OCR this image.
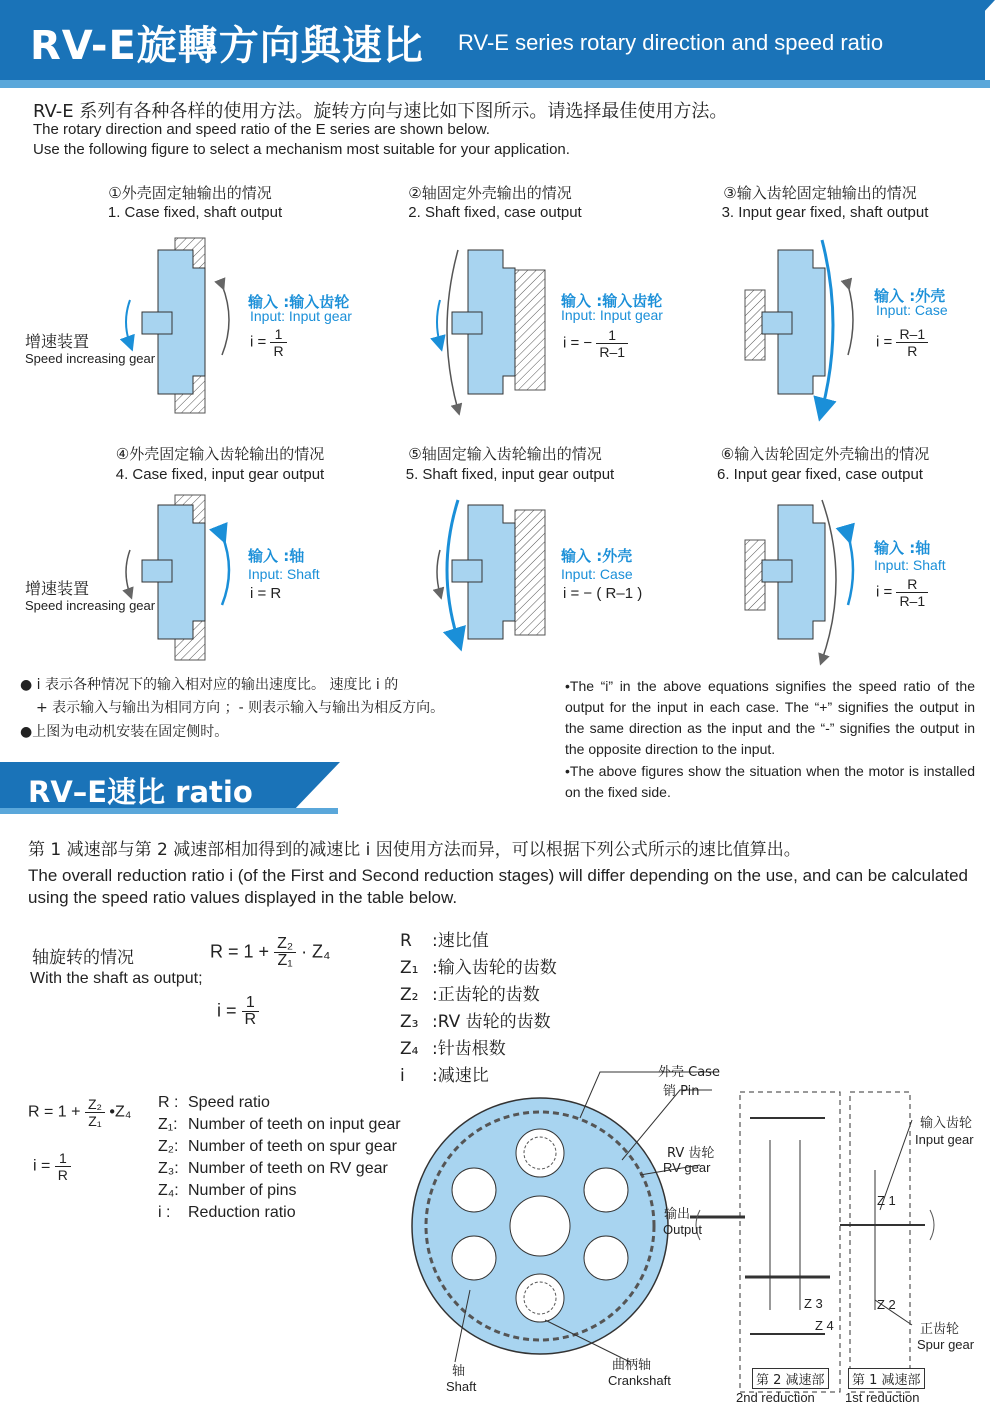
RV-E旋轉方向與速比 RV-E series rotary direction and speed ratio
RV-E 系列有各种各样的使用方法。旋转方向与速比如下图所示。请选择最佳使用方法。
The rotary direction and speed ratio of the E series are shown below.
Use the following figure to select a mechanism most suitable for your application.
①外壳固定轴输出的情况
1. Case fixed, shaft output
②轴固定外壳输出的情况
2. Shaft fixed, case output
③输入齿轮固定轴输出的情况
3. Input gear fixed, shaft output
④外壳固定输入齿轮输出的情况
4. Case fixed, input gear output
⑤轴固定输入齿轮输出的情况
5. Shaft fixed, input gear output
⑥输入齿轮固定外壳输出的情况
6. Input gear fixed, case output
输入 :输入齿轮
Input: Input gear
$i = \frac{1}{R}$
增速装置
Speed increasing gear
输入 :输入齿轮
Input: Input gear
i = − $\frac{1}{R-1}$
输入 :外壳
Input: Case
$i = \frac{R-1}{R}$
输入 :轴
Input: Shaft
i = R
增速装置
Speed increasing gear
输入 :外壳
Input: Case
i = − ( R–1 )
输入 :轴
Input: Shaft
$i = \frac{R}{R-1}$
● i 表示各种情况下的输入相对应的输出速度比。 速度比 i 的
+ 表示输入与输出为相同方向 ；- 则表示输入与输出为相反方向。
●上图为电动机安装在固定侧时。
•The “i” in the above equations signifies the speed ratio of the output for the input in each case. The “+” signifies the output in the same direction as the input and the “-” signifies the output in the opposite direction to the input.
•The above figures show the situation when the motor is installed on the fixed side.
RV–E速比 ratio
第 1 减速部与第 2 减速部相加得到的减速比 i 因使用方法而异，可以根据下列公式所示的速比值算出。
The overall reduction ratio i (of the First and Second reduction stages) will differ depending on the use, and can be calculated using the speed ratio values displayed in the table below.
轴旋转的情况
With the shaft as output;
$R = 1 + \frac{\text{Z₂}}{\text{Z₁}} \cdot Z_4$
$i = \frac{1}{R}$
R :速比值
Z₁ :输入齿轮的齿数
Z₂ :正齿轮的齿数
Z₃ :RV 齿轮的齿数
Z₄ :针齿根数
i :减速比
$R = 1 + \frac{\text{Z₂}}{\text{Z₁}}$ •Z₄
$i = \frac{1}{R}$
R : Speed ratio
Z₁: Number of teeth on input gear
Z₂: Number of teeth on spur gear
Z₃: Number of teeth on RV gear
Z₄: Number of pins
i : Reduction ratio
外壳 Case
销 Pin
RV 齿轮
RV gear
输出
Output
输入齿轮
Input gear
正齿轮
Spur gear
轴
Shaft
曲柄轴
Crankshaft	第 2 减速部
2nd reduction
第 1 减速部
1st reduction
Z 1
Z 2
Z 3
Z 4
